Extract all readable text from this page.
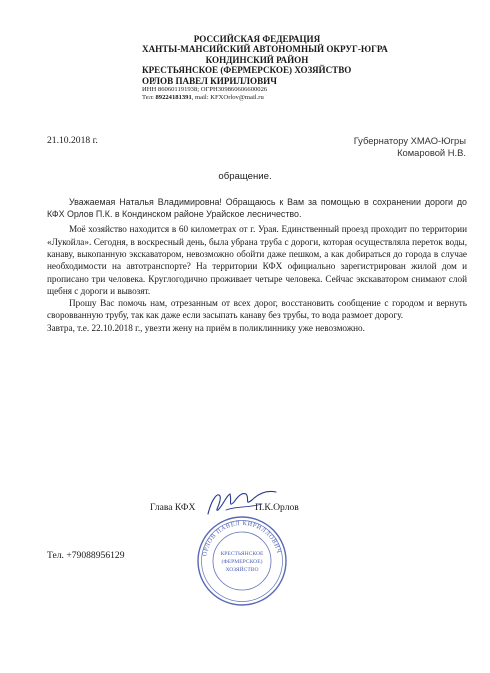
РОССИЙСКАЯ ФЕДЕРАЦИЯ
ХАНТЫ-МАНСИЙСКИЙ АВТОНОМНЫЙ ОКРУГ-ЮГРА
КОНДИНСКИЙ РАЙОН
КРЕСТЬЯНСКОЕ (ФЕРМЕРСКОЕ) ХОЗЯЙСТВО
ОРЛОВ ПАВЕЛ КИРИЛЛОВИЧ
ИНН 860601191938; ОГРН309860606600026
Тел: 89224181391, mail: KFXOrlov@mail.ru
21.10.2018 г.	Губернатору ХМАО-Югры
Комаровой Н.В.
обращение.

Уважаемая Наталья Владимировна! Обращаюсь к Вам за помощью в сохранении дороги до КФХ Орлов П.К. в Кондинском районе Урайское лесничество.

Моё хозяйство находится в 60 километрах от г. Урая. Единственный проезд проходит по территории «Лукойла». Сегодня, в воскресный день, была убрана труба с дороги, которая осуществляла переток воды, канаву, выкопанную экскаватором, невозможно обойти даже пешком, а как добираться до города в случае необходимости на автотранспорте? На территории КФХ официально зарегистрирован жилой дом и прописано три человека. Круглогодично проживает четыре человека. Сейчас экскаватором снимают слой щебня с дороги и вывозят.

Прошу Вас помочь нам, отрезанным от всех дорог, восстановить сообщение с городом и вернуть своровванную трубу, так как даже если засыпать канаву без трубы, то вода размоет дорогу.

Завтра, т.е. 22.10.2018 г., увезти жену на приём в поликлиннику уже невозможно.

Глава КФХ	П.К.Орлов
ОРЛОВ ПАВЕЛ КИРИЛЛОВИЧ
КРЕСТЬЯНСКОЕ
(ФЕРМЕРСКОЕ)
ХОЗЯЙСТВО
Тел. +79088956129
